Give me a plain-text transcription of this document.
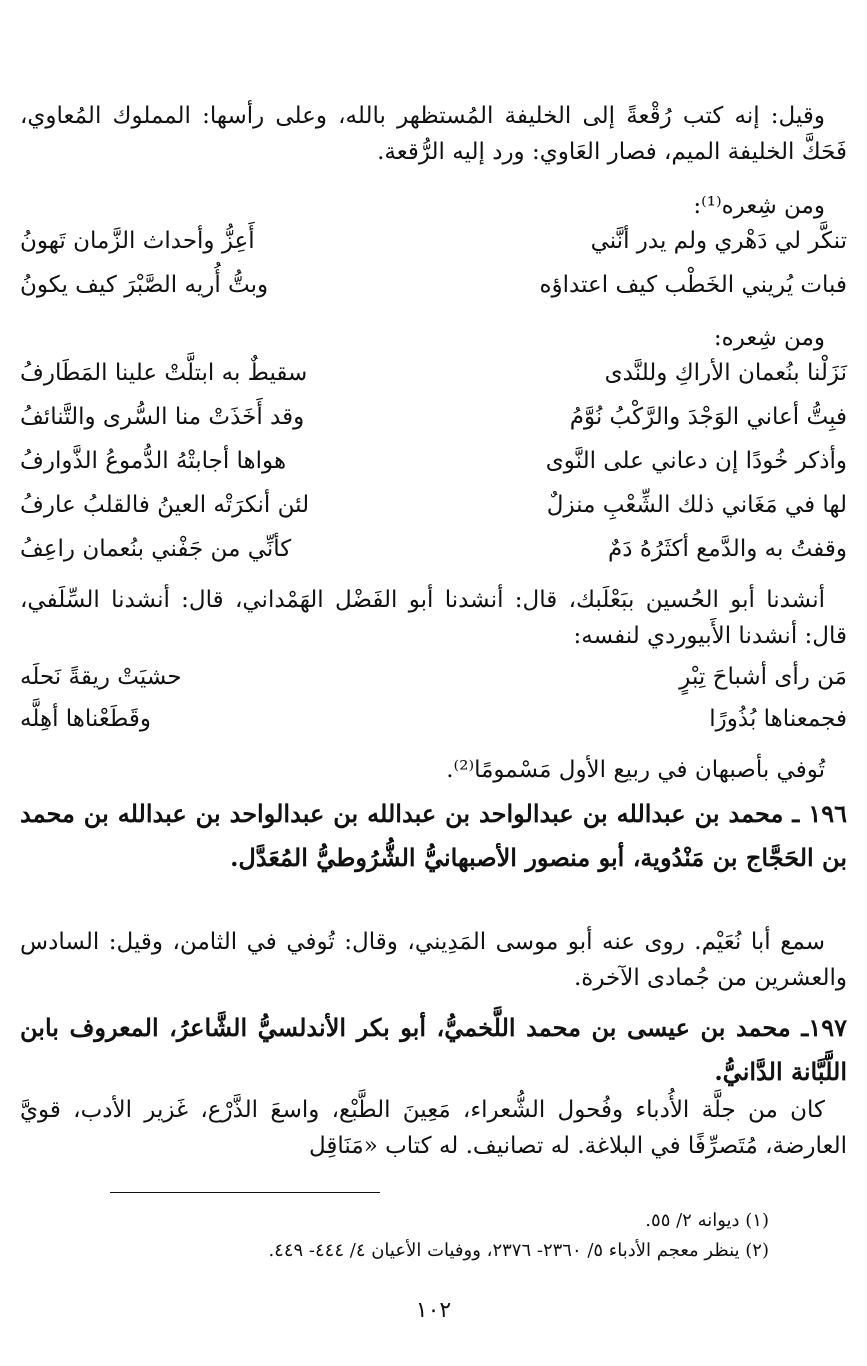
وقيل: إنه كتب رُقْعةً إلى الخليفة المُستظهر بالله، وعلى رأسها: المملوك المُعاوي، فَحَكَّ الخليفة الميم، فصار العَاوي: ورد إليه الرُّقعة.
ومن شِعره⁽¹⁾:
تنكَّر لي دَهْري ولم يدر أنَّني
أَعِزُّ وأحداث الزَّمان تَهونُ
فبات يُريني الخَطْب كيف اعتداؤه
وبتُّ أُريه الصَّبْرَ كيف يكونُ
ومن شِعره:
نَزَلْنا بنُعمان الأراكِ وللنَّدى
سقيطٌ به ابتلَّتْ علينا المَطَارفُ
فبِتُّ أعاني الوَجْدَ والرَّكْبُ نُوَّمُ
وقد أَخَذَتْ منا السُّرى والتَّنائفُ
وأذكر خُودًا إن دعاني على النَّوى
هواها أجابتْهُ الدُّموعُ الذَّوارفُ
لها في مَغَاني ذلك الشِّعْبِ منزلٌ
لئن أنكرَتْه العينُ فالقلبُ عارفُ
وقفتُ به والدَّمع أكثَرُهُ دَمٌ
كأنِّي من جَفْني بنُعمان راعِفُ
أنشدنا أبو الحُسين ببَعْلَبك، قال: أنشدنا أبو الفَضْل الهَمْداني، قال: أنشدنا السِّلَفي، قال: أنشدنا الأَبيوردي لنفسه:
مَن رأى أشباحَ تِبْرٍ
حشيَتْ ريقةً نَحلَه
فجمعناها بُذُورًا
وقَطَعْناها أهِلَّه
تُوفي بأصبهان في ربيع الأول مَسْمومًا⁽²⁾.
١٩٦ ـ محمد بن عبدالله بن عبدالواحد بن عبدالله بن عبدالواحد بن عبدالله بن محمد بن الحَجَّاج بن مَنْدُوية، أبو منصور الأصبهانيُّ الشُّرُوطيُّ المُعَدَّل.
سمع أبا نُعَيْم. روى عنه أبو موسى المَدِيني، وقال: تُوفي في الثامن، وقيل: السادس والعشرين من جُمادى الآخرة.
١٩٧ـ محمد بن عيسى بن محمد اللَّخميُّ، أبو بكر الأندلسيُّ الشَّاعرُ، المعروف بابن اللَّبَّانة الدَّانيُّ.
كان من جلَّة الأُدباء وفُحول الشُّعراء، مَعِينَ الطَّبْع، واسعَ الذَّرْع، غَزير الأدب، قويَّ العارضة، مُتَصرِّفًا في البلاغة. له تصانيف. له كتاب «مَنَاقِل
(١) ديوانه ٢/ ٥٥.
(٢) ينظر معجم الأدباء ٥/ ٢٣٦٠- ٢٣٧٦، ووفيات الأعيان ٤/ ٤٤٤- ٤٤٩.
١٠٢
